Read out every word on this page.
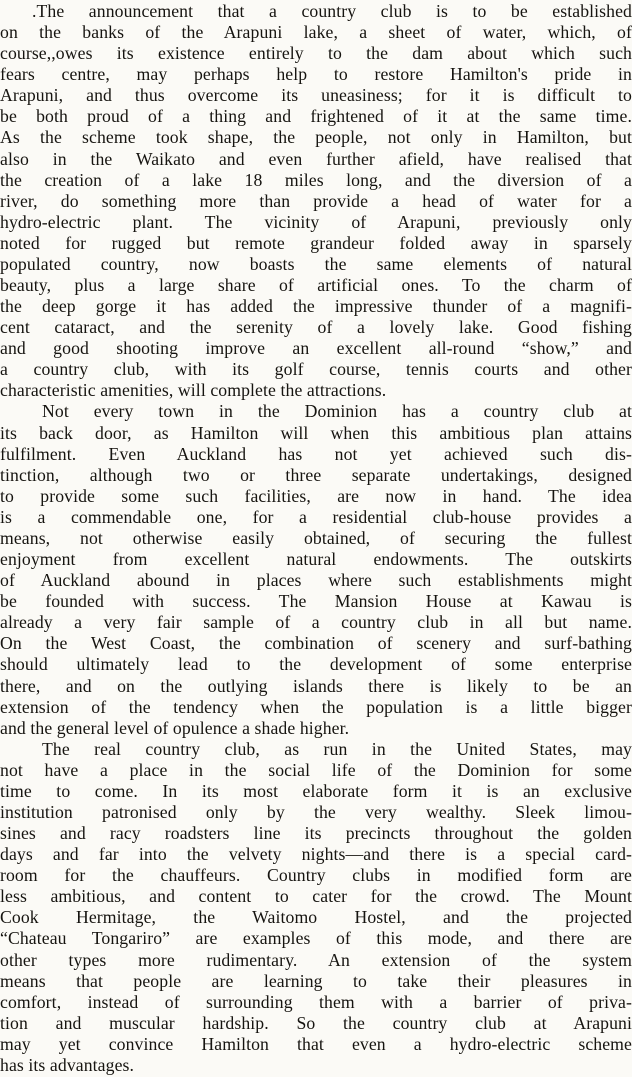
.The announcement that a country club is to be established
on the banks of the Arapuni lake, a sheet of water, which, of
course,,owes its existence entirely to the dam about which such
fears centre, may perhaps help to restore Hamilton's pride in
Arapuni, and thus overcome its uneasiness; for it is difficult to
be both proud of a thing and frightened of it at the same time.
As the scheme took shape, the people, not only in Hamilton, but
also in the Waikato and even further afield, have realised that
the creation of a lake 18 miles long, and the diversion of a
river, do something more than provide a head of water for a
hydro-electric plant. The vicinity of Arapuni, previously only
noted for rugged but remote grandeur folded away in sparsely
populated country, now boasts the same elements of natural
beauty, plus a large share of artificial ones. To the charm of
the deep gorge it has added the impressive thunder of a magnifi-
cent cataract, and the serenity of a lovely lake. Good fishing
and good shooting improve an excellent all-round “show,” and
a country club, with its golf course, tennis courts and other
characteristic amenities, will complete the attractions.
Not every town in the Dominion has a country club at
its back door, as Hamilton will when this ambitious plan attains
fulfilment. Even Auckland has not yet achieved such dis-
tinction, although two or three separate undertakings, designed
to provide some such facilities, are now in hand. The idea
is a commendable one, for a residential club-house provides a
means, not otherwise easily obtained, of securing the fullest
enjoyment from excellent natural endowments. The outskirts
of Auckland abound in places where such establishments might
be founded with success. The Mansion House at Kawau is
already a very fair sample of a country club in all but name.
On the West Coast, the combination of scenery and surf-bathing
should ultimately lead to the development of some enterprise
there, and on the outlying islands there is likely to be an
extension of the tendency when the population is a little bigger
and the general level of opulence a shade higher.
The real country club, as run in the United States, may
not have a place in the social life of the Dominion for some
time to come. In its most elaborate form it is an exclusive
institution patronised only by the very wealthy. Sleek limou-
sines and racy roadsters line its precincts throughout the golden
days and far into the velvety nights—and there is a special card-
room for the chauffeurs. Country clubs in modified form are
less ambitious, and content to cater for the crowd. The Mount
Cook Hermitage, the Waitomo Hostel, and the projected
“Chateau Tongariro” are examples of this mode, and there are
other types more rudimentary. An extension of the system
means that people are learning to take their pleasures in
comfort, instead of surrounding them with a barrier of priva-
tion and muscular hardship. So the country club at Arapuni
may yet convince Hamilton that even a hydro-electric scheme
has its advantages.
